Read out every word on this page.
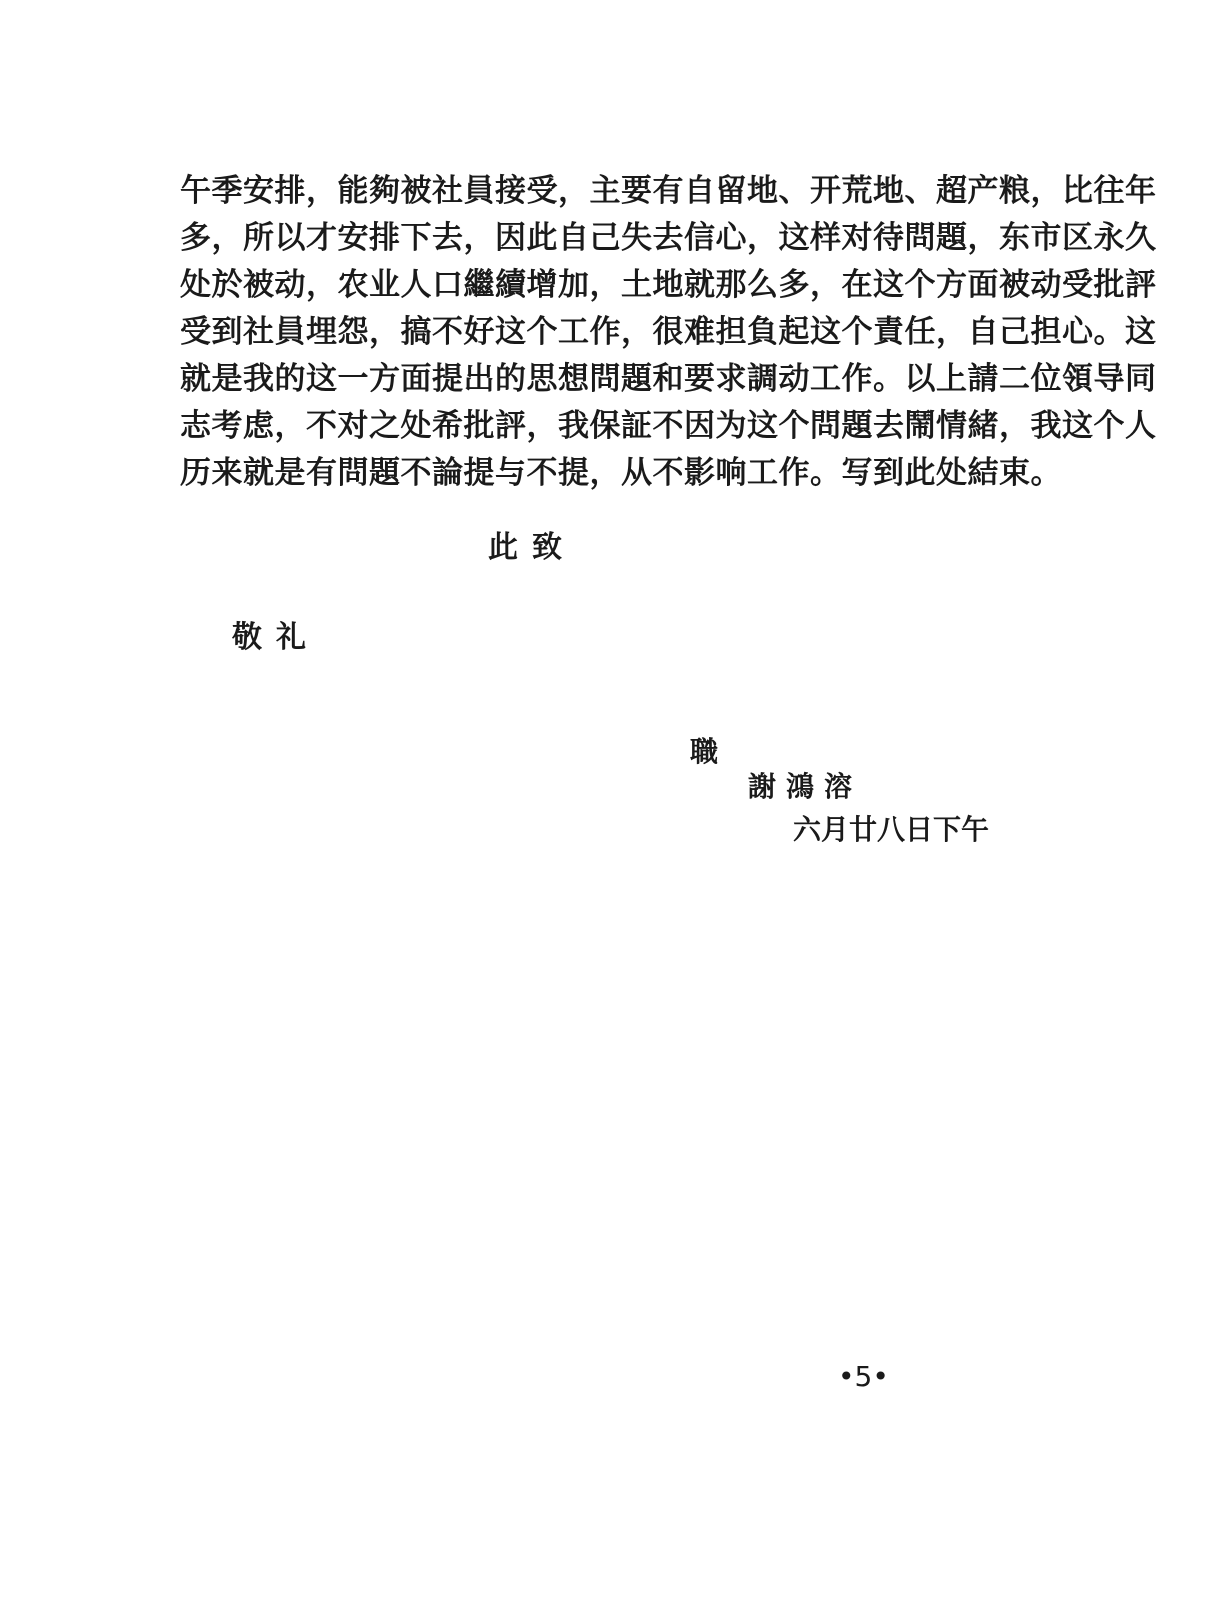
午季安排，能夠被社員接受，主要有自留地、开荒地、超产粮，比往年
多，所以才安排下去，因此自己失去信心，这样对待問題，东市区永久
处於被动，农业人口繼續增加，土地就那么多，在这个方面被动受批評
受到社員埋怨，搞不好这个工作，很难担負起这个責任，自己担心。这
就是我的这一方面提出的思想問題和要求調动工作。以上請二位領导同
志考虑，不对之处希批評，我保証不因为这个問題去鬧情緒，我这个人
历来就是有問題不論提与不提，从不影响工作。写到此处結束。
此致
敬礼
職
謝鴻溶
六月廿八日下午
•5•
